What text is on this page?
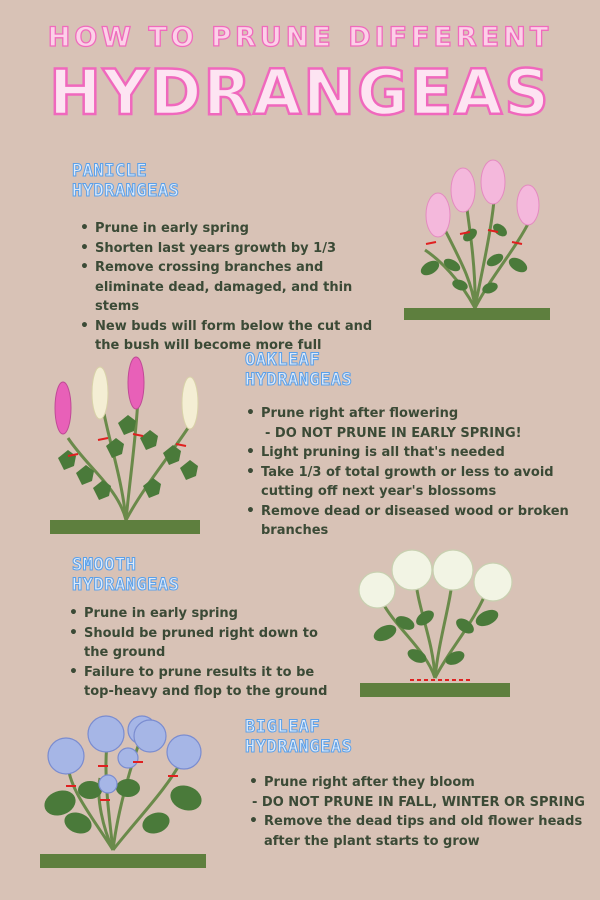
HOW TO PRUNE DIFFERENT
HYDRANGEAS
PANICLE
HYDRANGEAS
• Prune in early spring
• Shorten last years growth by 1/3
• Remove crossing branches and eliminate dead, damaged, and thin stems
• New buds will form below the cut and the bush will become more full
OAKLEAF
HYDRANGEAS
• Prune right after flowering
- DO NOT PRUNE IN EARLY SPRING!
• Light pruning is all that's needed
• Take 1/3 of total growth or less to avoid cutting off next year's blossoms
• Remove dead or diseased wood or broken branches
SMOOTH
HYDRANGEAS
• Prune in early spring
• Should be pruned right down to the ground
• Failure to prune results it to be top-heavy and flop to the ground
BIGLEAF
HYDRANGEAS
• Prune right after they bloom
- DO NOT PRUNE IN FALL, WINTER OR SPRING
• Remove the dead tips and old flower heads after the plant starts to grow
